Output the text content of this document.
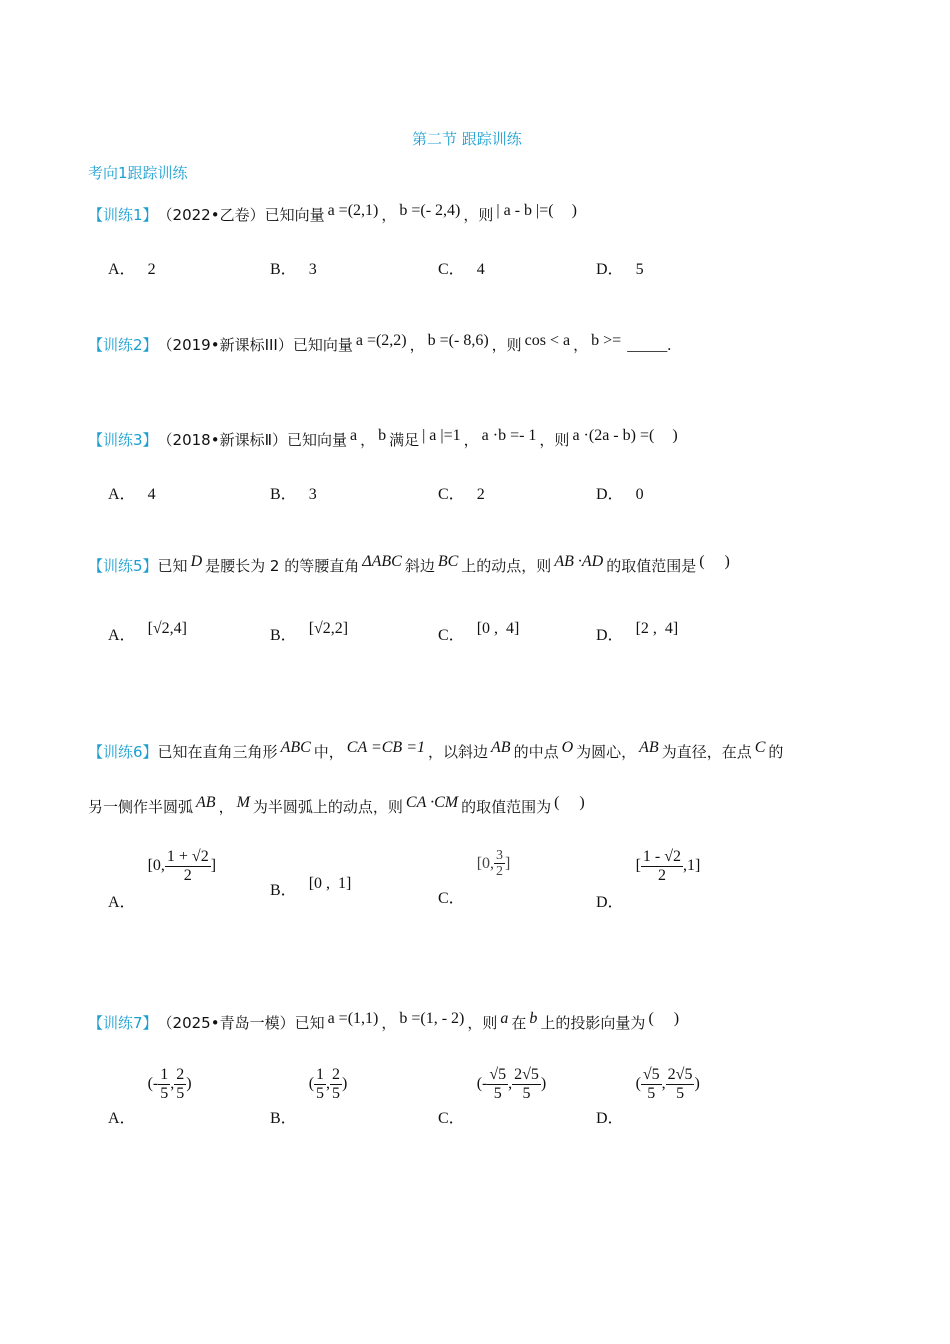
第二节 跟踪训练
考向1跟踪训练
【训练1】 （2022•乙卷）已知向量 a =(2,1) ， b =(- 2,4) ，则 | a - b |=( )
A． 2	B． 3	C． 4	D． 5
【训练2】 （2019•新课标III）已知向量 a =(2,2) ， b =(- 8,6) ，则 cos < a ， b >= _____.
【训练3】 （2018•新课标Ⅱ）已知向量 a ， b 满足 | a |=1 ， a ·b =- 1 ，则 a ·(2a - b) =( )
A． 4	B． 3	C． 2	D． 0
【训练5】 已知 D 是腰长为 2 的等腰直角 ΔABC 斜边 BC 上的动点，则 AB ·AD 的取值范围是 (     )
A． [√2,4]	B． [√2,2]	C． [0 ,  4]	D． [2 ,  4]
【训练6】 已知在直角三角形 ABC 中， CA =CB =1 ，以斜边 AB 的中点 O 为圆心， AB 为直径，在点 C 的
另一侧作半圆弧 AB ， M 为半圆弧上的动点，则 CA ·CM 的取值范围为 (     )
A．
[0, $\frac{1 + √2}{2}$ ]
B． [0 ,  1]
C．
[0, $\frac{3}{2}$ ]
D．
[ $\frac{1 - √2}{2} ,1$]
【训练7】 （2025•青岛一模）已知 a =(1,1) ， b =(1, - 2) ，则 a 在 b 上的投影向量为 (     )
A．
(- $\frac{1}{5}$ , $\frac{2}{5}$ )
B．
( $\frac{1}{5}$ , $\frac{2}{5}$ )
C．
(- $\frac{√5}{5}$ , $\frac{2√5}{5}$ )
D．
( $\frac{√5}{5}$ , $\frac{2√5}{5}$ )
